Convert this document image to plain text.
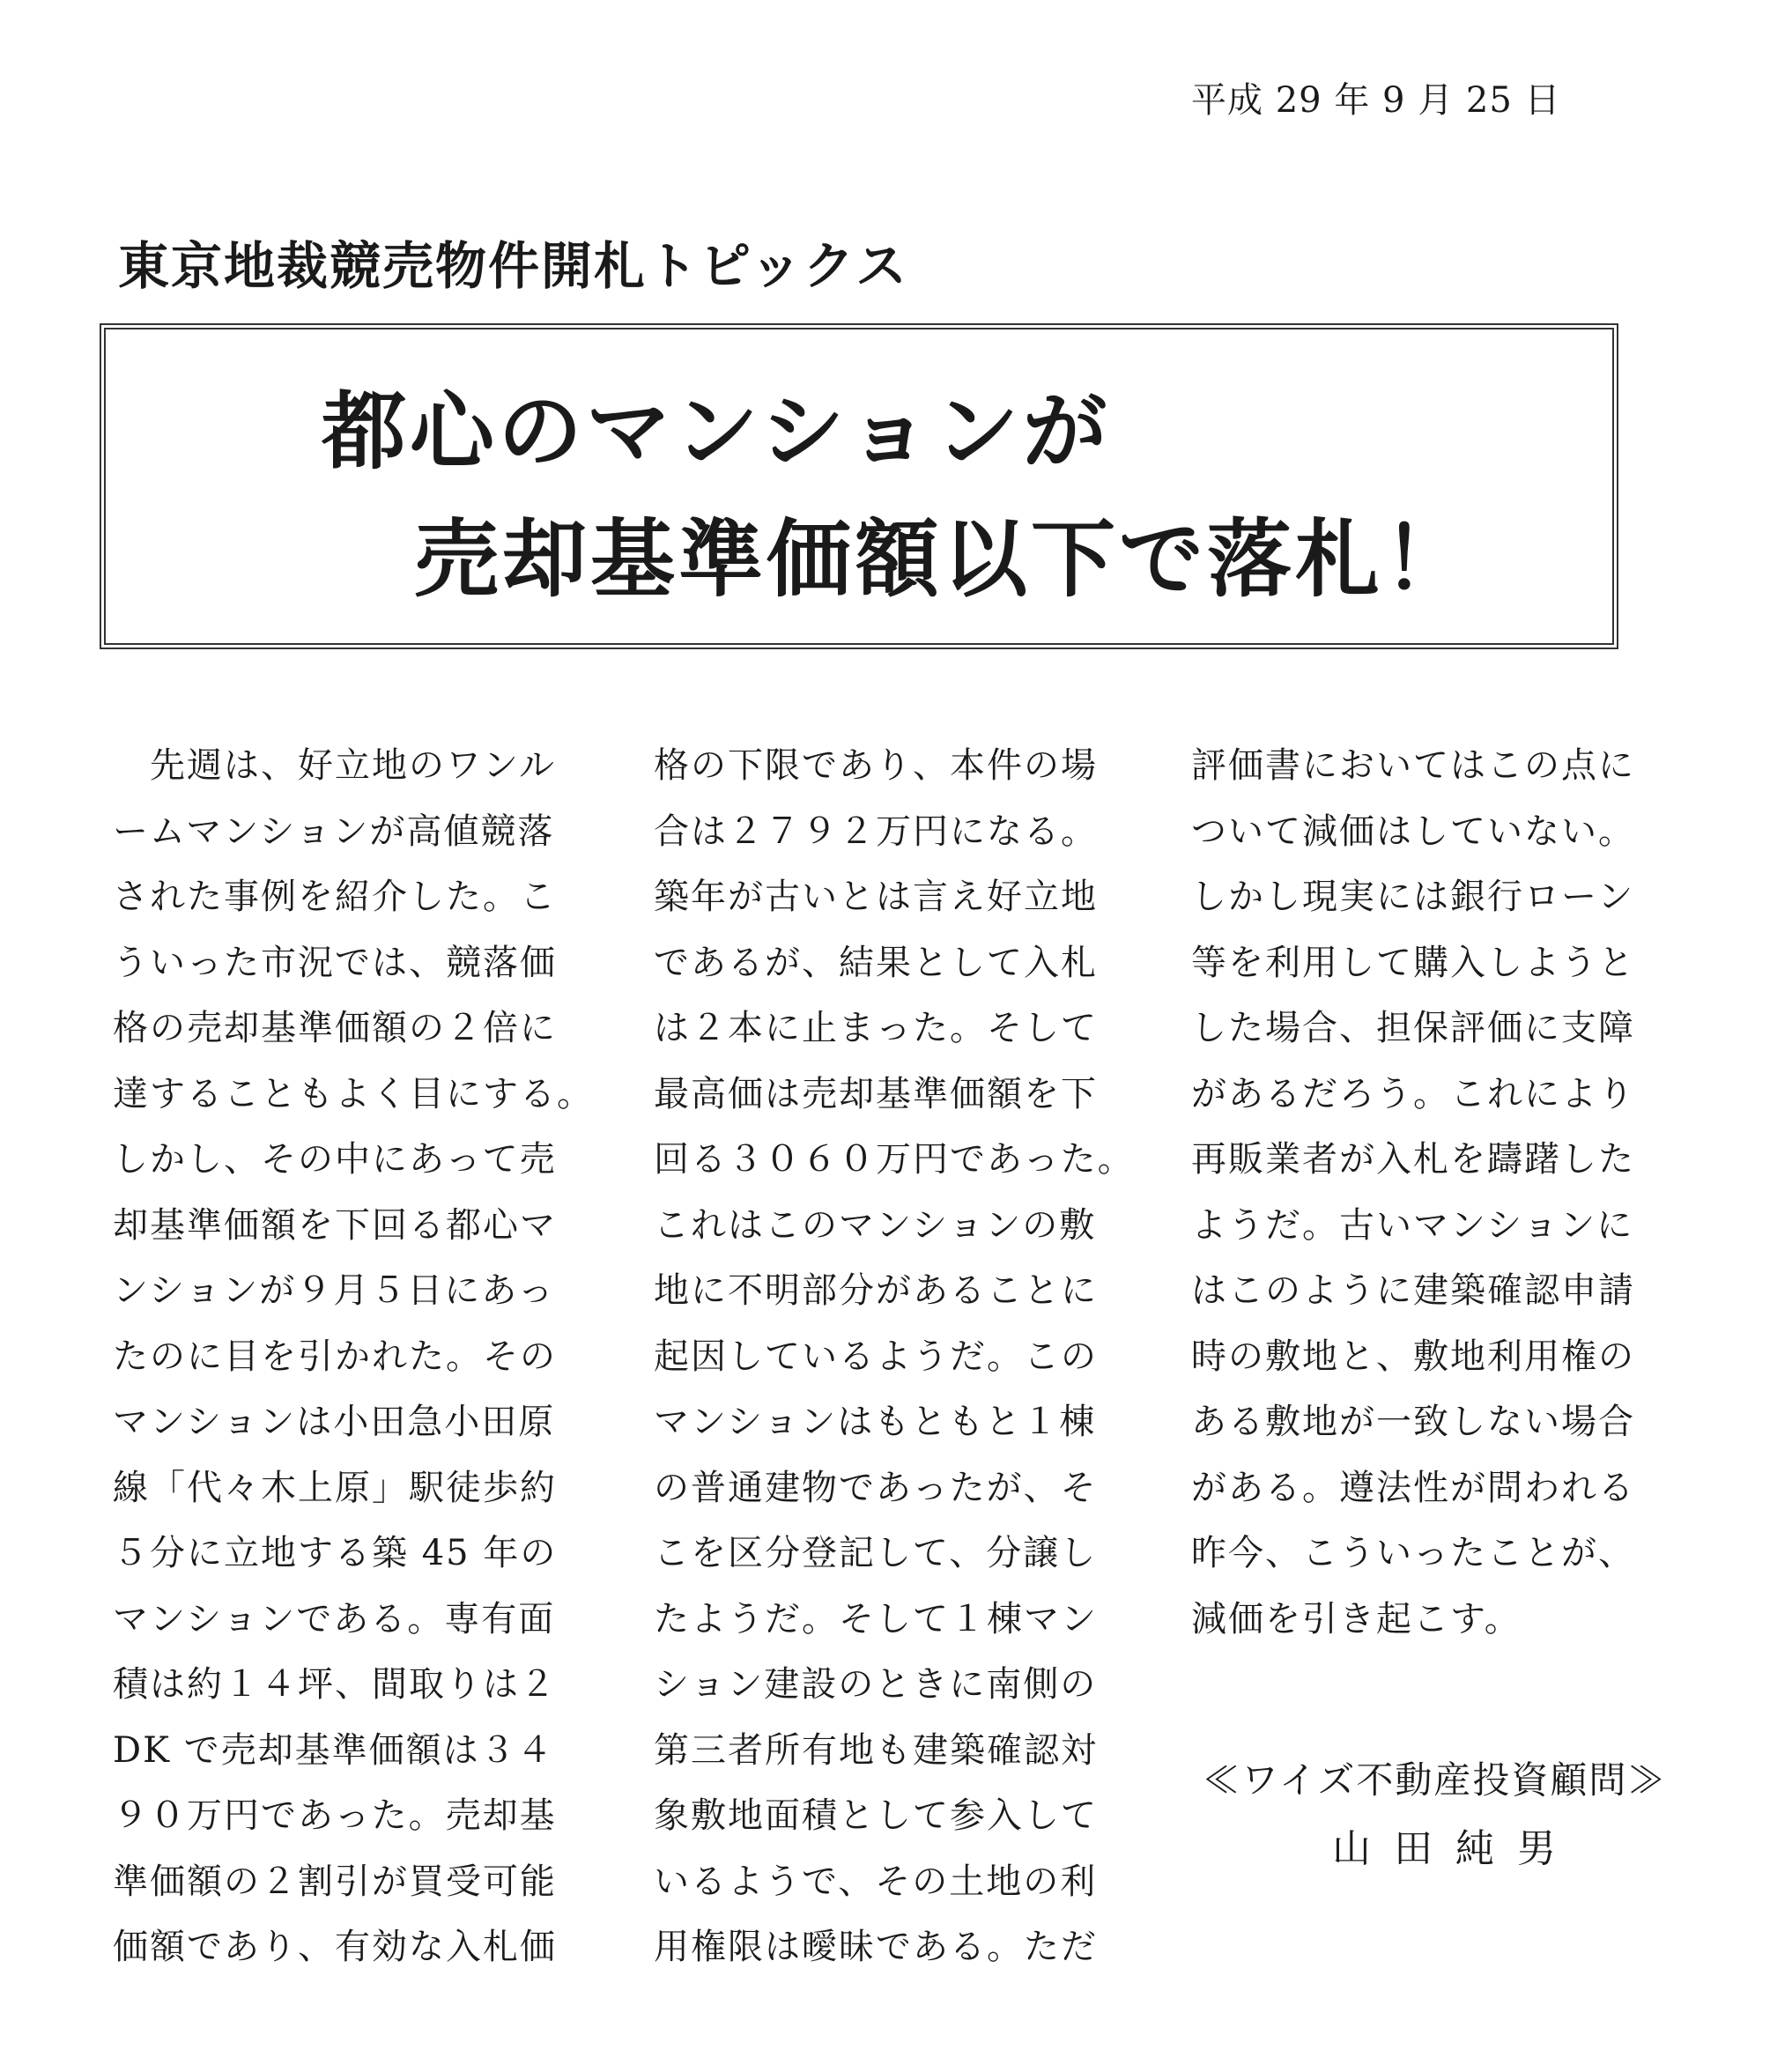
平成 29 年 9 月 25 日
東京地裁競売物件開札トピックス
都心のマンションが
売却基準価額以下で落札！
　先週は、好立地のワンル
ームマンションが高値競落
された事例を紹介した。こ
ういった市況では、競落価
格の売却基準価額の２倍に
達することもよく目にする。
しかし、その中にあって売
却基準価額を下回る都心マ
ンションが９月５日にあっ
たのに目を引かれた。その
マンションは小田急小田原
線「代々木上原」駅徒歩約
５分に立地する築 45 年の
マンションである。専有面
積は約１４坪、間取りは２
DK で売却基準価額は３４
９０万円であった。売却基
準価額の２割引が買受可能
価額であり、有効な入札価
格の下限であり、本件の場
合は２７９２万円になる。
築年が古いとは言え好立地
であるが、結果として入札
は２本に止まった。そして
最高価は売却基準価額を下
回る３０６０万円であった。
これはこのマンションの敷
地に不明部分があることに
起因しているようだ。この
マンションはもともと１棟
の普通建物であったが、そ
こを区分登記して、分譲し
たようだ。そして１棟マン
ション建設のときに南側の
第三者所有地も建築確認対
象敷地面積として参入して
いるようで、その土地の利
用権限は曖昧である。ただ
評価書においてはこの点に
ついて減価はしていない。
しかし現実には銀行ローン
等を利用して購入しようと
した場合、担保評価に支障
があるだろう。これにより
再販業者が入札を躊躇した
ようだ。古いマンションに
はこのように建築確認申請
時の敷地と、敷地利用権の
ある敷地が一致しない場合
がある。遵法性が問われる
昨今、こういったことが、
減価を引き起こす。
≪ワイズ不動産投資顧問≫
山田純男
